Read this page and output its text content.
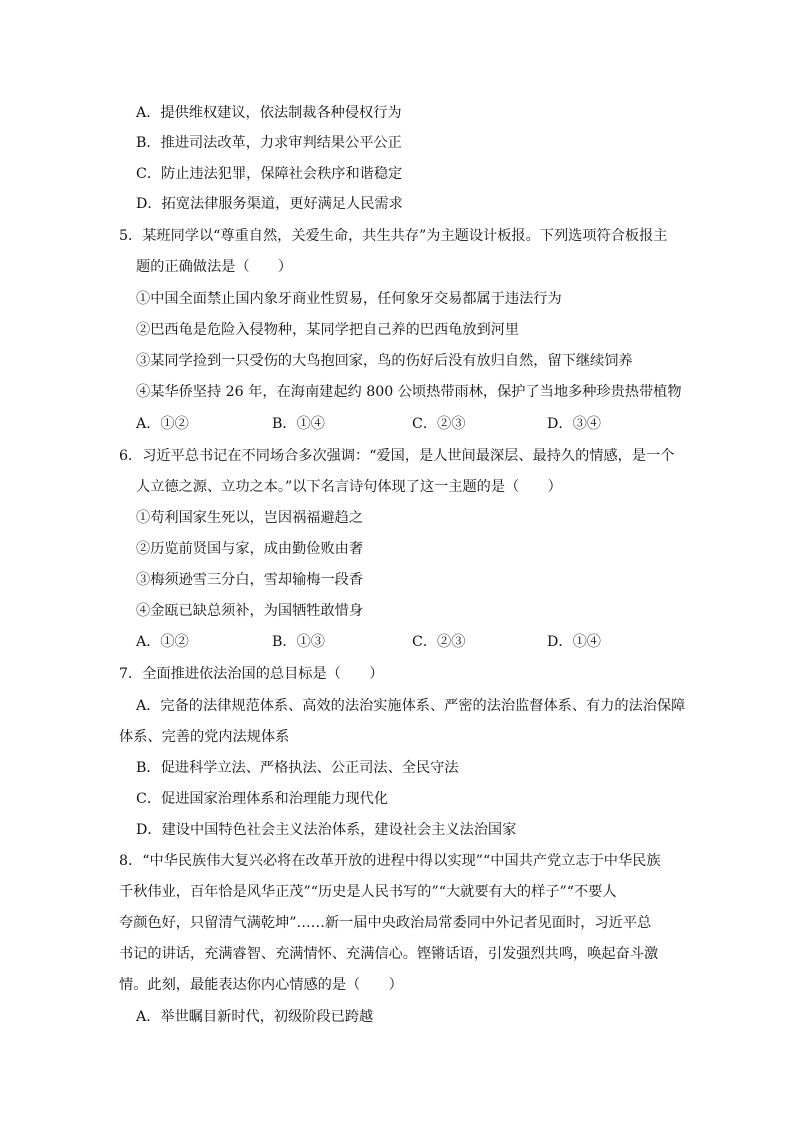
A．提供维权建议，依法制裁各种侵权行为
B．推进司法改革，力求审判结果公平公正
C．防止违法犯罪，保障社会秩序和谐稳定
D．拓宽法律服务渠道，更好满足人民需求
5．某班同学以“尊重自然，关爱生命，共生共存”为主题设计板报。下列选项符合板报主
题的正确做法是（　　）
①中国全面禁止国内象牙商业性贸易，任何象牙交易都属于违法行为
②巴西龟是危险入侵物种，某同学把自己养的巴西龟放到河里
③某同学捡到一只受伤的大鸟抱回家，鸟的伤好后没有放归自然，留下继续饲养
④某华侨坚持 26 年，在海南建起约 800 公顷热带雨林，保护了当地多种珍贵热带植物
A．①②	B．①④	C．②③	D．③④
6．习近平总书记在不同场合多次强调：“爱国，是人世间最深层、最持久的情感，是一个
人立德之源、立功之本。”以下名言诗句体现了这一主题的是（　　）
①苟利国家生死以，岂因祸福避趋之
②历览前贤国与家，成由勤俭败由奢
③梅须逊雪三分白，雪却输梅一段香
④金瓯已缺总须补，为国牺牲敢惜身
A．①②	B．①③	C．②③	D．①④
7．全面推进依法治国的总目标是（　　）
A．完备的法律规范体系、高效的法治实施体系、严密的法治监督体系、有力的法治保障
体系、完善的党内法规体系
B．促进科学立法、严格执法、公正司法、全民守法
C．促进国家治理体系和治理能力现代化
D．建设中国特色社会主义法治体系，建设社会主义法治国家
8．“中华民族伟大复兴必将在改革开放的进程中得以实现”“中国共产党立志于中华民族
千秋伟业，百年恰是风华正茂”“历史是人民书写的”“大就要有大的样子”“不要人
夸颜色好，只留清气满乾坤”……新一届中央政治局常委同中外记者见面时，习近平总
书记的讲话，充满睿智、充满情怀、充满信心。铿锵话语，引发强烈共鸣，唤起奋斗激
情。此刻，最能表达你内心情感的是（　　）
A．举世瞩目新时代，初级阶段已跨越
